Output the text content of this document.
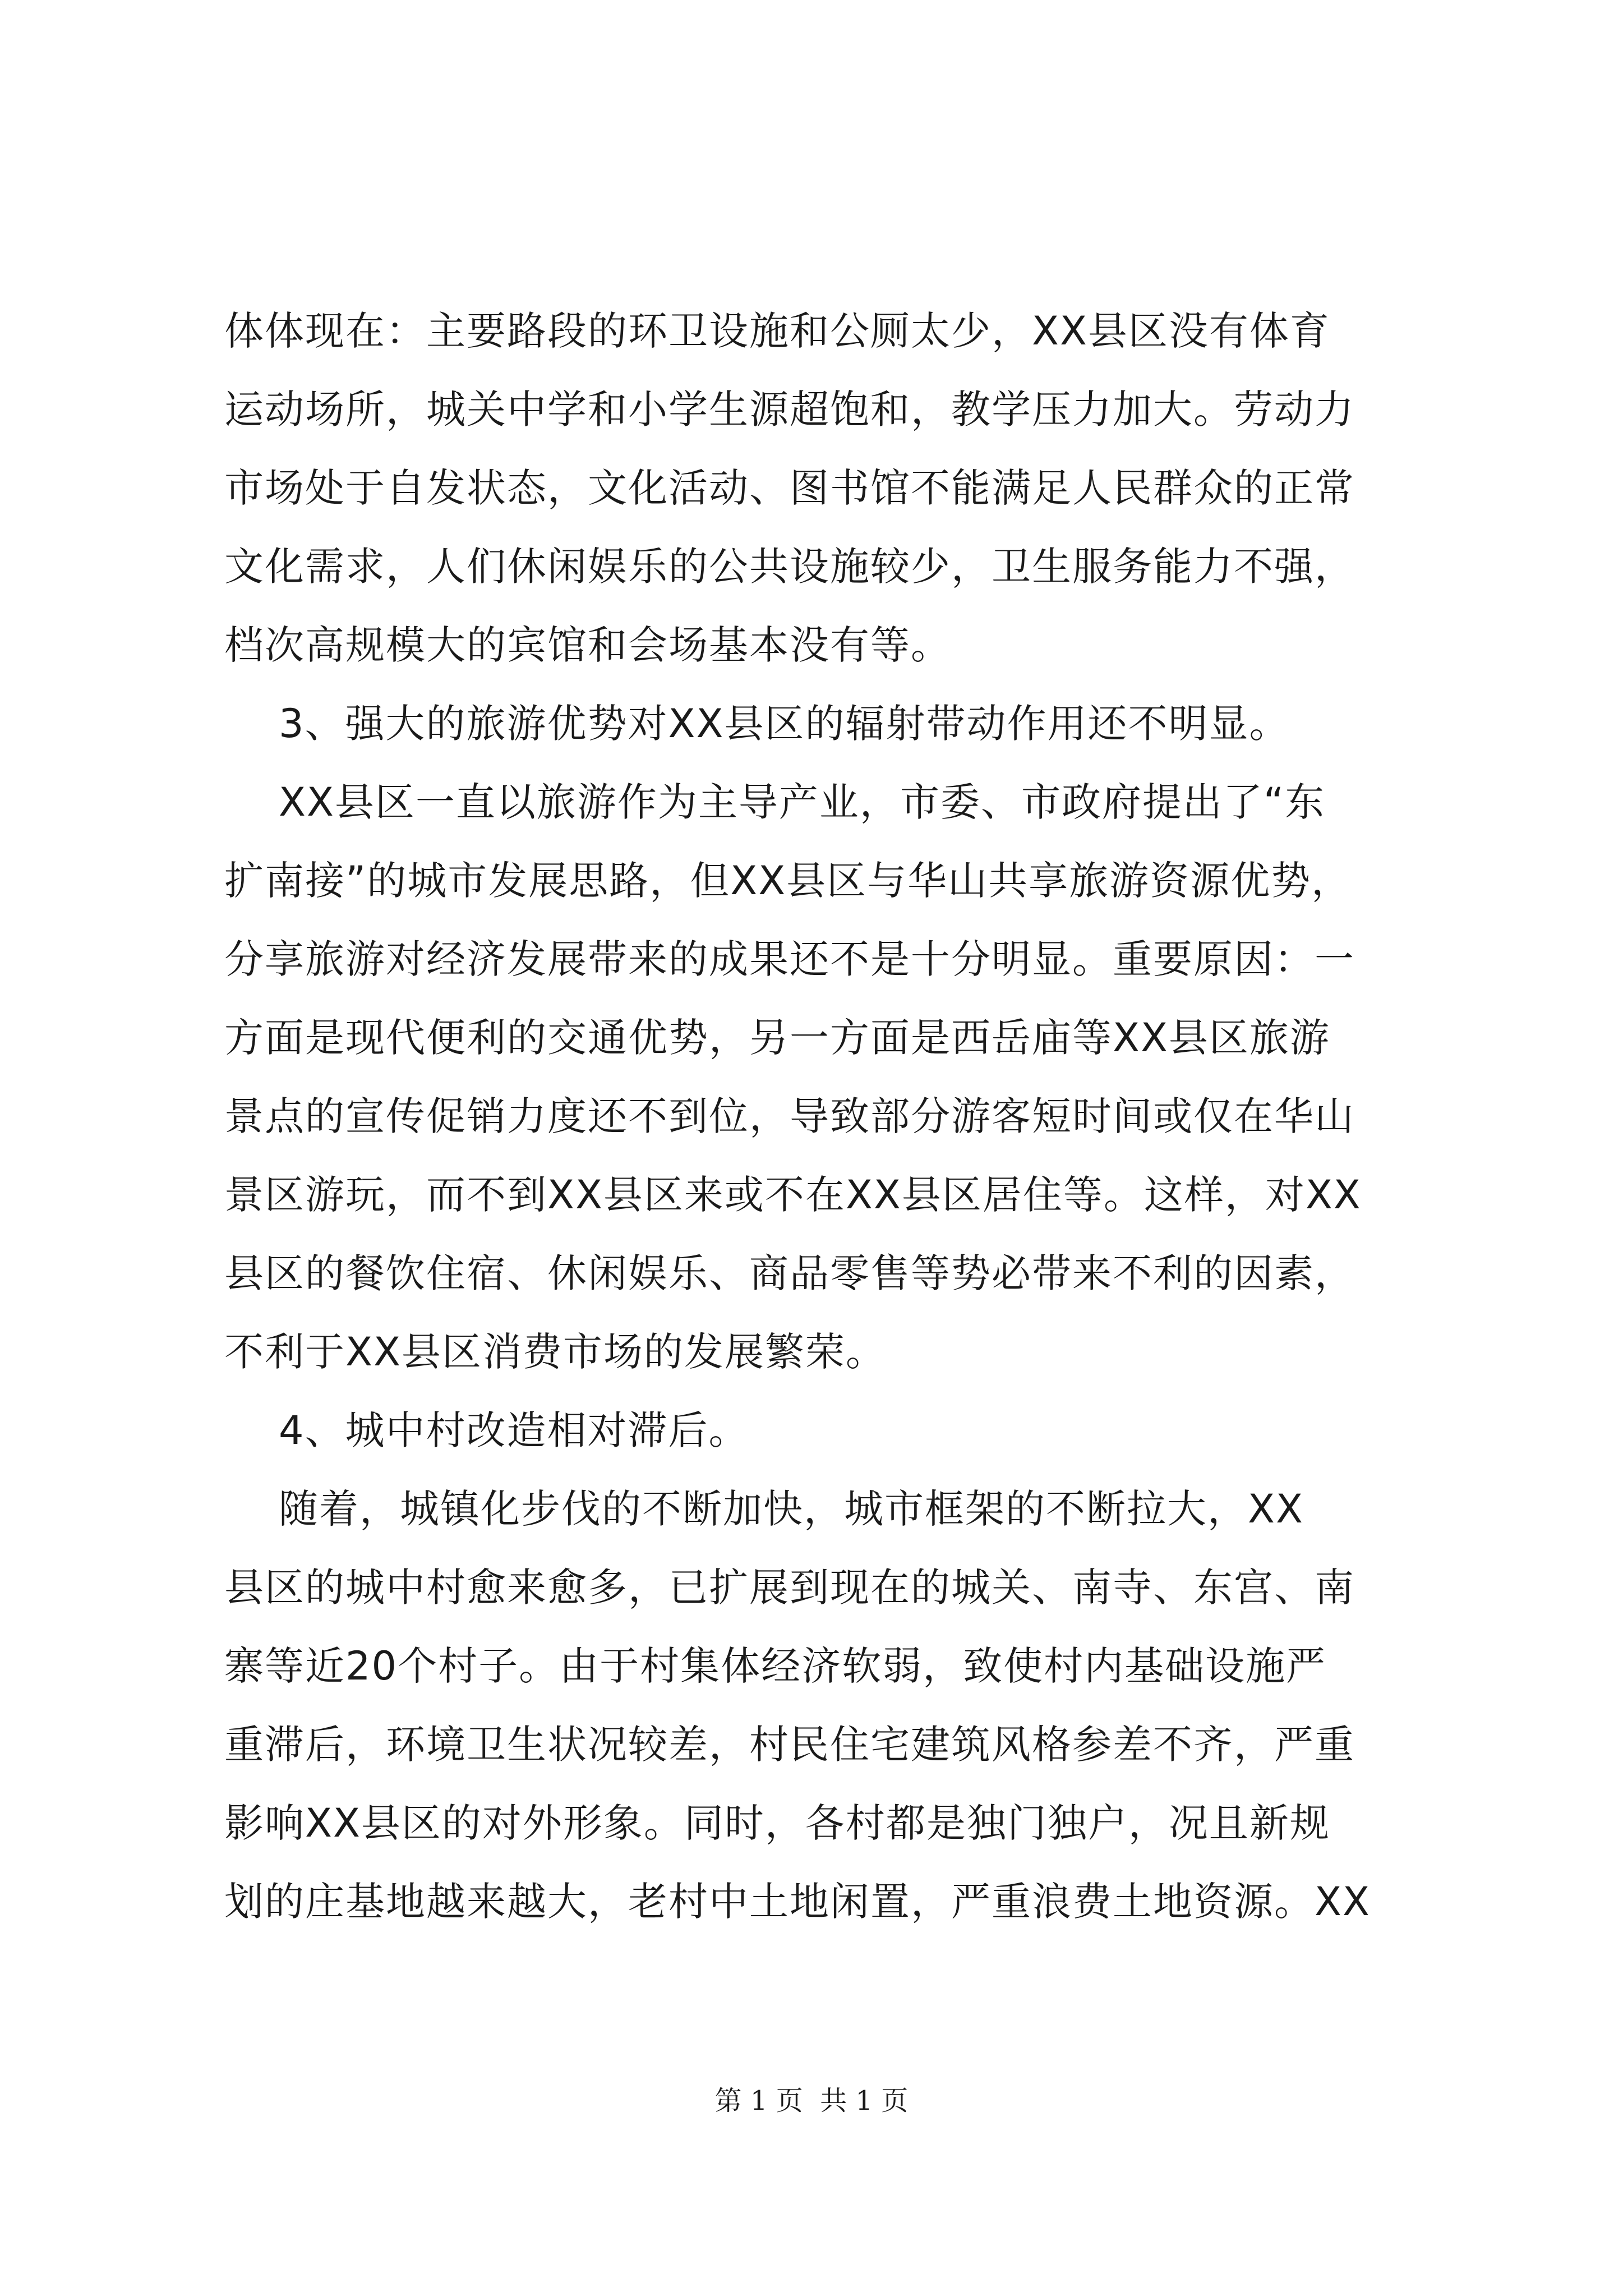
体体现在：主要路段的环卫设施和公厕太少，XX县区没有体育
运动场所，城关中学和小学生源超饱和，教学压力加大。劳动力
市场处于自发状态，文化活动、图书馆不能满足人民群众的正常
文化需求，人们休闲娱乐的公共设施较少，卫生服务能力不强，
档次高规模大的宾馆和会场基本没有等。
3、强大的旅游优势对XX县区的辐射带动作用还不明显。
XX县区一直以旅游作为主导产业，市委、市政府提出了“东
扩南接”的城市发展思路，但XX县区与华山共享旅游资源优势，
分享旅游对经济发展带来的成果还不是十分明显。重要原因：一
方面是现代便利的交通优势，另一方面是西岳庙等XX县区旅游
景点的宣传促销力度还不到位，导致部分游客短时间或仅在华山
景区游玩，而不到XX县区来或不在XX县区居住等。这样，对XX
县区的餐饮住宿、休闲娱乐、商品零售等势必带来不利的因素，
不利于XX县区消费市场的发展繁荣。
4、城中村改造相对滞后。
随着，城镇化步伐的不断加快，城市框架的不断拉大，XX
县区的城中村愈来愈多，已扩展到现在的城关、南寺、东宫、南
寨等近20个村子。由于村集体经济软弱，致使村内基础设施严
重滞后，环境卫生状况较差，村民住宅建筑风格参差不齐，严重
影响XX县区的对外形象。同时，各村都是独门独户，况且新规
划的庄基地越来越大，老村中土地闲置，严重浪费土地资源。XX
第 1 页  共 1 页
